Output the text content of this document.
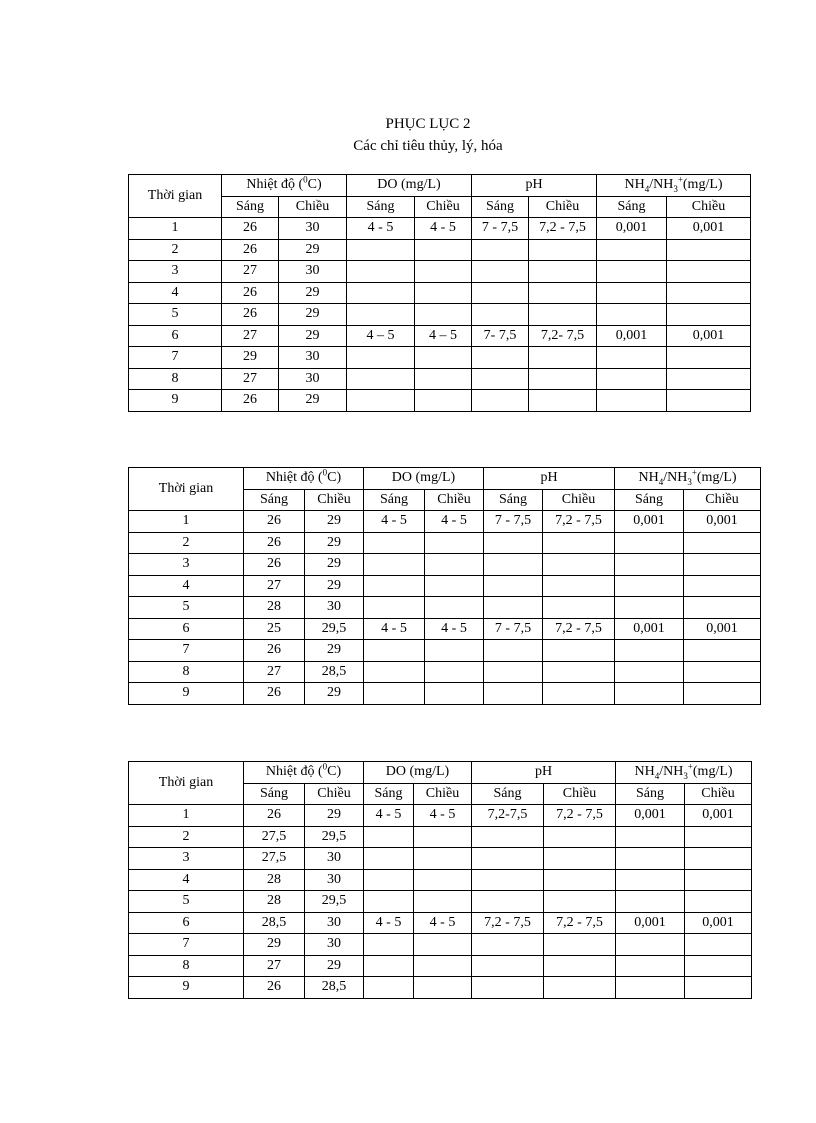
PHỤC LỤC 2
Các chỉ tiêu thủy, lý, hóa
Thời gian	Nhiệt độ ($^0$C)		DO (mg/L)		pH		$NH_4/NH_3^+(mg/L)$	
	Sáng	Chiều	Sáng	Chiều	Sáng	Chiều	Sáng	Chiều
1	26	30	4 - 5	4 - 5	7 - 7,5	7,2 - 7,5	0,001	0,001
2	26	29						
3	27	30						
4	26	29						
5	26	29						
6	27	29	4 – 5	4 – 5	7- 7,5	7,2- 7,5	0,001	0,001
7	29	30						
8	27	30						
9	26	29						
Thời gian	Nhiệt độ ($^0$C)		DO (mg/L)		pH		$NH_4/NH_3^+(mg/L)$	
	Sáng	Chiều	Sáng	Chiều	Sáng	Chiều	Sáng	Chiều
1	26	29	4 - 5	4 - 5	7 - 7,5	7,2 - 7,5	0,001	0,001
2	26	29						
3	26	29						
4	27	29						
5	28	30						
6	25	29,5	4 - 5	4 - 5	7 - 7,5	7,2 - 7,5	0,001	0,001
7	26	29						
8	27	28,5						
9	26	29						
Thời gian	Nhiệt độ ($^0$C)		DO (mg/L)		pH		$NH_4/NH_3^+(mg/L)$	
	Sáng	Chiều	Sáng	Chiều	Sáng	Chiều	Sáng	Chiều
1	26	29	4 - 5	4 - 5	7,2-7,5	7,2 - 7,5	0,001	0,001
2	27,5	29,5						
3	27,5	30						
4	28	30						
5	28	29,5						
6	28,5	30	4 - 5	4 - 5	7,2 - 7,5	7,2 - 7,5	0,001	0,001
7	29	30						
8	27	29						
9	26	28,5						
